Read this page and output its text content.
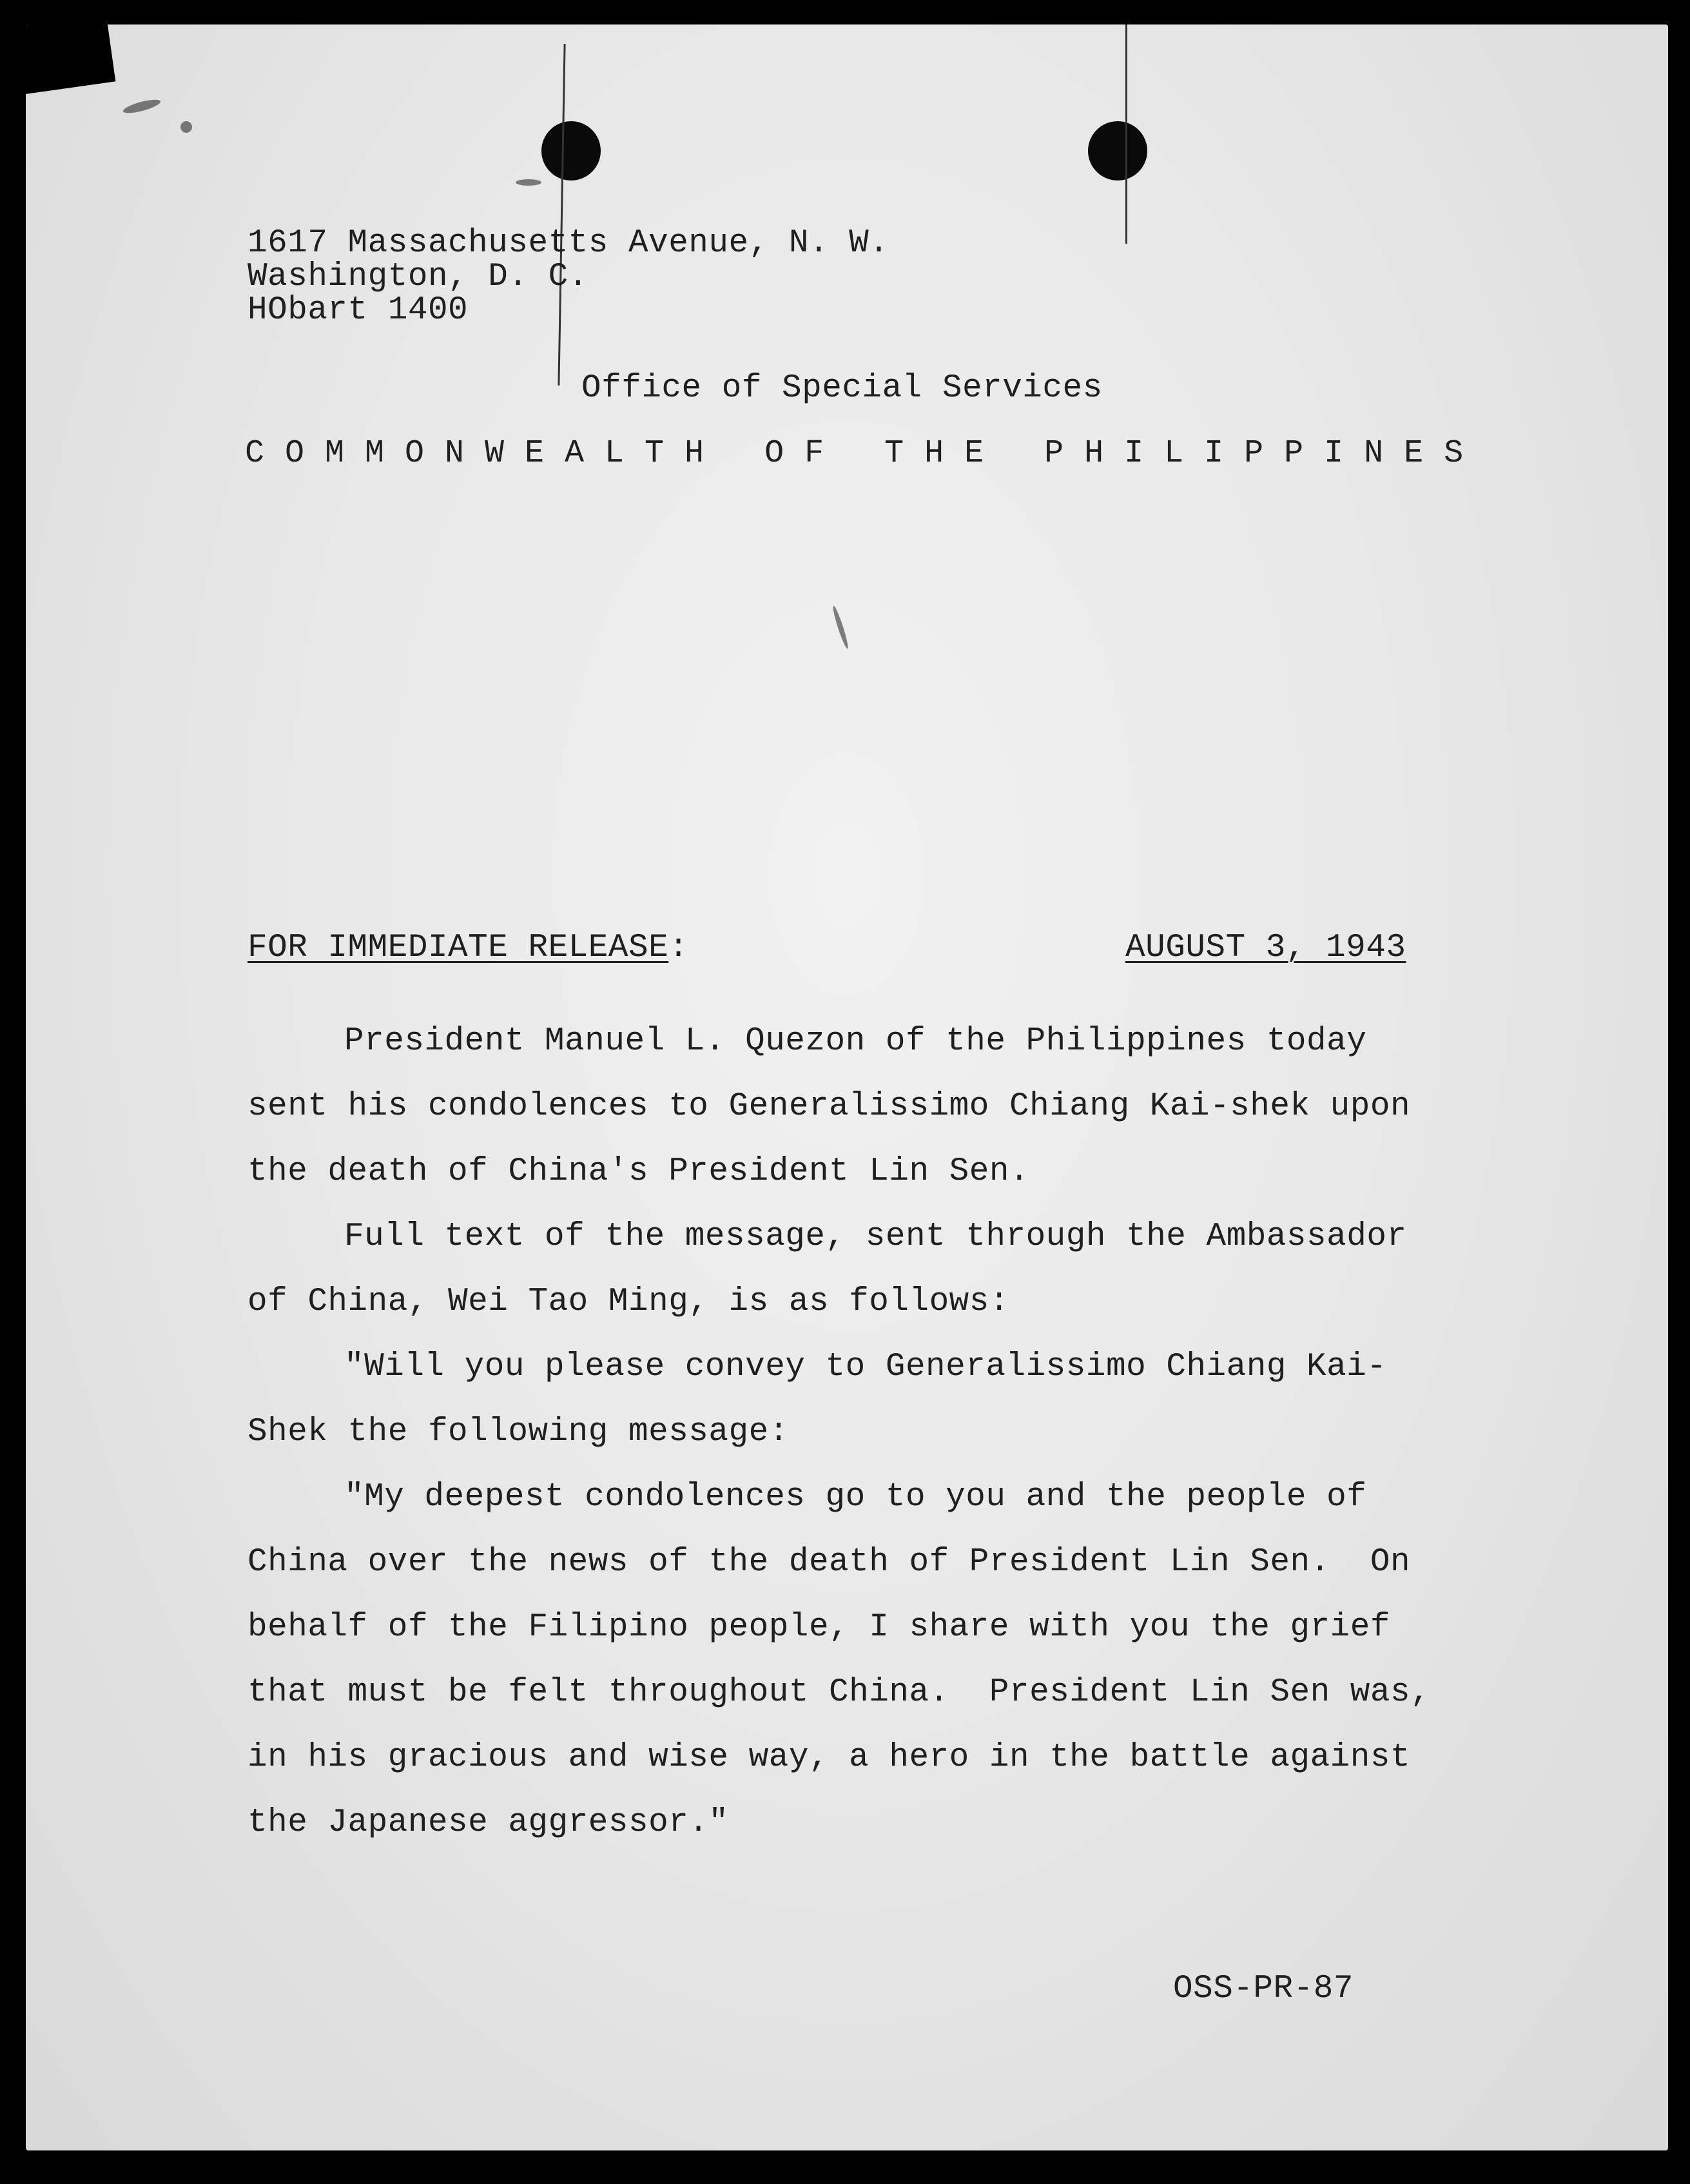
1617 Massachusetts Avenue, N. W.
Washington, D. C.
HObart 1400
Office of Special Services
COMMONWEALTH OF THE PHILIPPINES
FOR IMMEDIATE RELEASE:	AUGUST 3, 1943
President Manuel L. Quezon of the Philippines today
sent his condolences to Generalissimo Chiang Kai-shek upon
the death of China's President Lin Sen.
Full text of the message, sent through the Ambassador
of China, Wei Tao Ming, is as follows:
"Will you please convey to Generalissimo Chiang Kai-
Shek the following message:
"My deepest condolences go to you and the people of
China over the news of the death of President Lin Sen.  On
behalf of the Filipino people, I share with you the grief
that must be felt throughout China.  President Lin Sen was,
in his gracious and wise way, a hero in the battle against
the Japanese aggressor."
OSS-PR-87
